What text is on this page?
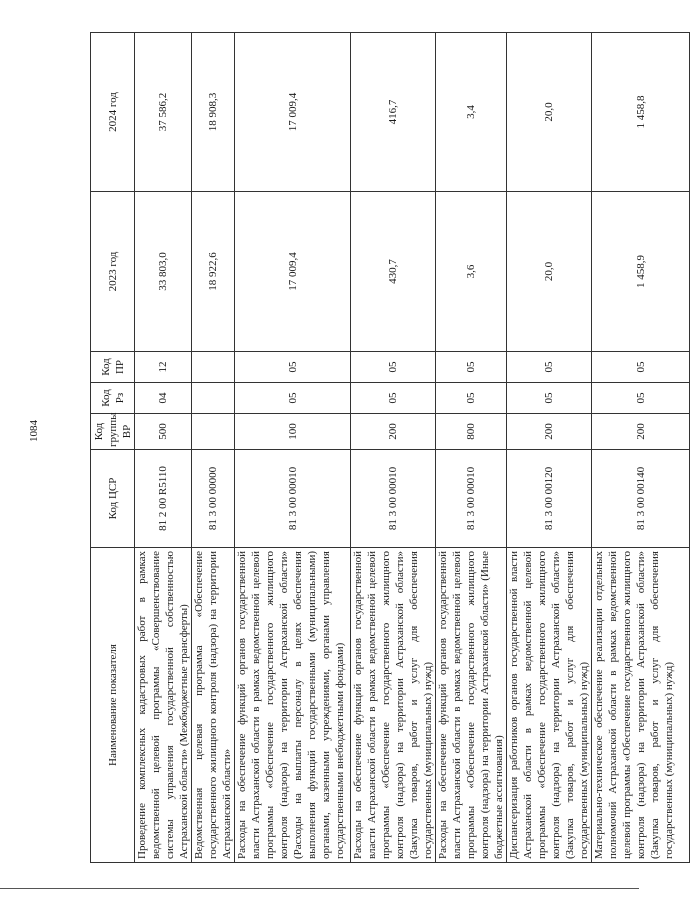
1084
Наименование показателя	Код ЦСР	Код группы ВР	Код Рз	Код ПР	2023 год	2024 год
Проведение комплексных кадастровых работ в рамках ведомственной целевой программы «Совершенствование системы управления государственной собственностью Астраханской области» (Межбюджетные трансферты)	81 2 00 R5110	500	04	12	33 803,0	37 586,2
Ведомственная целевая программа «Обеспечение государственного жилищного контроля (надзора) на территории Астраханской области»	81 3 00 00000				18 922,6	18 908,3
Расходы на обеспечение функций органов государственной власти Астраханской области в рамках ведомственной целевой программы «Обеспечение государственного жилищного контроля (надзора) на территории Астраханской области» (Расходы на выплаты персоналу в целях обеспечения выполнения функций государственными (муниципальными) органами, казенными учреждениями, органами управления государственными внебюджетными фондами)	81 3 00 00010	100	05	05	17 009,4	17 009,4
Расходы на обеспечение функций органов государственной власти Астраханской области в рамках ведомственной целевой программы «Обеспечение государственного жилищного контроля (надзора) на территории Астраханской области» (Закупка товаров, работ и услуг для обеспечения государственных (муниципальных) нужд)	81 3 00 00010	200	05	05	430,7	416,7
Расходы на обеспечение функций органов государственной власти Астраханской области в рамках ведомственной целевой программы «Обеспечение государственного жилищного контроля (надзора) на территории Астраханской области» (Иные бюджетные ассигнования)	81 3 00 00010	800	05	05	3,6	3,4
Диспансеризация работников органов государственной власти Астраханской области в рамках ведомственной целевой программы «Обеспечение государственного жилищного контроля (надзора) на территории Астраханской области» (Закупка товаров, работ и услуг для обеспечения государственных (муниципальных) нужд)	81 3 00 00120	200	05	05	20,0	20,0
Материально-техническое обеспечение реализации отдельных полномочий Астраханской области в рамках ведомственной целевой программы «Обеспечение государственного жилищного контроля (надзора) на территории Астраханской области» (Закупка товаров, работ и услуг для обеспечения государственных (муниципальных) нужд)	81 3 00 00140	200	05	05	1 458,9	1 458,8
